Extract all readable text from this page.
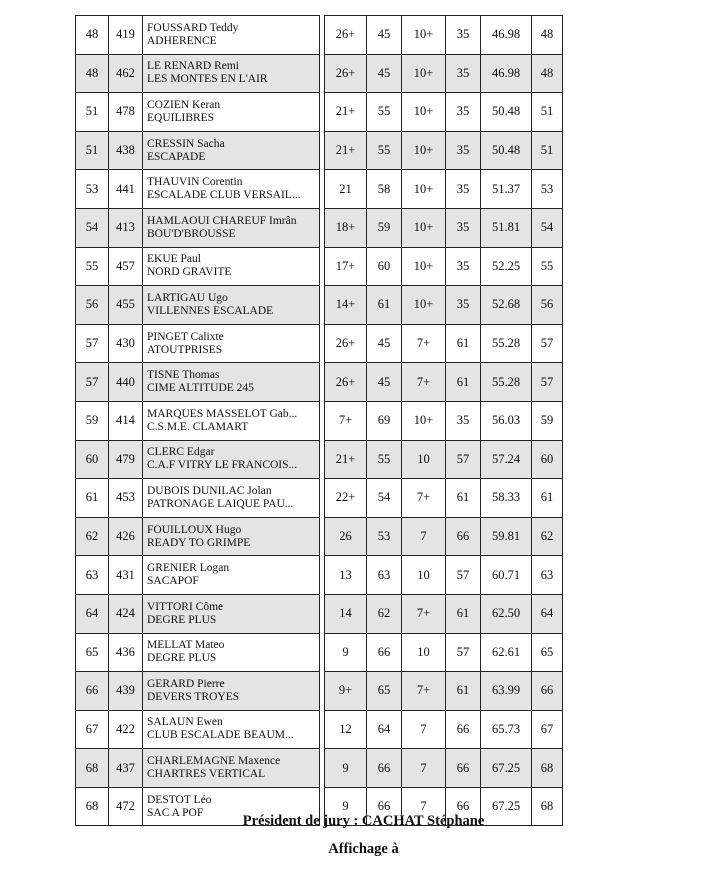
48	419	FOUSSARD Teddy
ADHERENCE		26+	45	10+	35	46.98	48
48	462	LE RENARD Remi
LES MONTES EN L'AIR		26+	45	10+	35	46.98	48
51	478	COZIEN Keran
EQUILIBRES		21+	55	10+	35	50.48	51
51	438	CRESSIN Sacha
ESCAPADE		21+	55	10+	35	50.48	51
53	441	THAUVIN Corentin
ESCALADE CLUB VERSAIL...		21	58	10+	35	51.37	53
54	413	HAMLAOUI CHAREUF Imrân
BOU'D'BROUSSE		18+	59	10+	35	51.81	54
55	457	EKUE Paul
NORD GRAVITE		17+	60	10+	35	52.25	55
56	455	LARTIGAU Ugo
VILLENNES ESCALADE		14+	61	10+	35	52.68	56
57	430	PINGET Calixte
ATOUTPRISES		26+	45	7+	61	55.28	57
57	440	TISNE Thomas
CIME ALTITUDE 245		26+	45	7+	61	55.28	57
59	414	MARQUES MASSELOT Gab...
C.S.M.E. CLAMART		7+	69	10+	35	56.03	59
60	479	CLERC Edgar
C.A.F VITRY LE FRANCOIS...		21+	55	10	57	57.24	60
61	453	DUBOIS DUNILAC Jolan
PATRONAGE LAIQUE PAU...		22+	54	7+	61	58.33	61
62	426	FOUILLOUX Hugo
READY TO GRIMPE		26	53	7	66	59.81	62
63	431	GRENIER Logan
SACAPOF		13	63	10	57	60.71	63
64	424	VITTORI Côme
DEGRE PLUS		14	62	7+	61	62.50	64
65	436	MELLAT Mateo
DEGRE PLUS		9	66	10	57	62.61	65
66	439	GERARD Pierre
DEVERS TROYES		9+	65	7+	61	63.99	66
67	422	SALAUN Ewen
CLUB ESCALADE BEAUM...		12	64	7	66	65.73	67
68	437	CHARLEMAGNE Maxence
CHARTRES VERTICAL		9	66	7	66	67.25	68
68	472	DESTOT Léo
SAC A POF		9	66	7	66	67.25	68
Président de jury : CACHAT Stéphane
Affichage à
